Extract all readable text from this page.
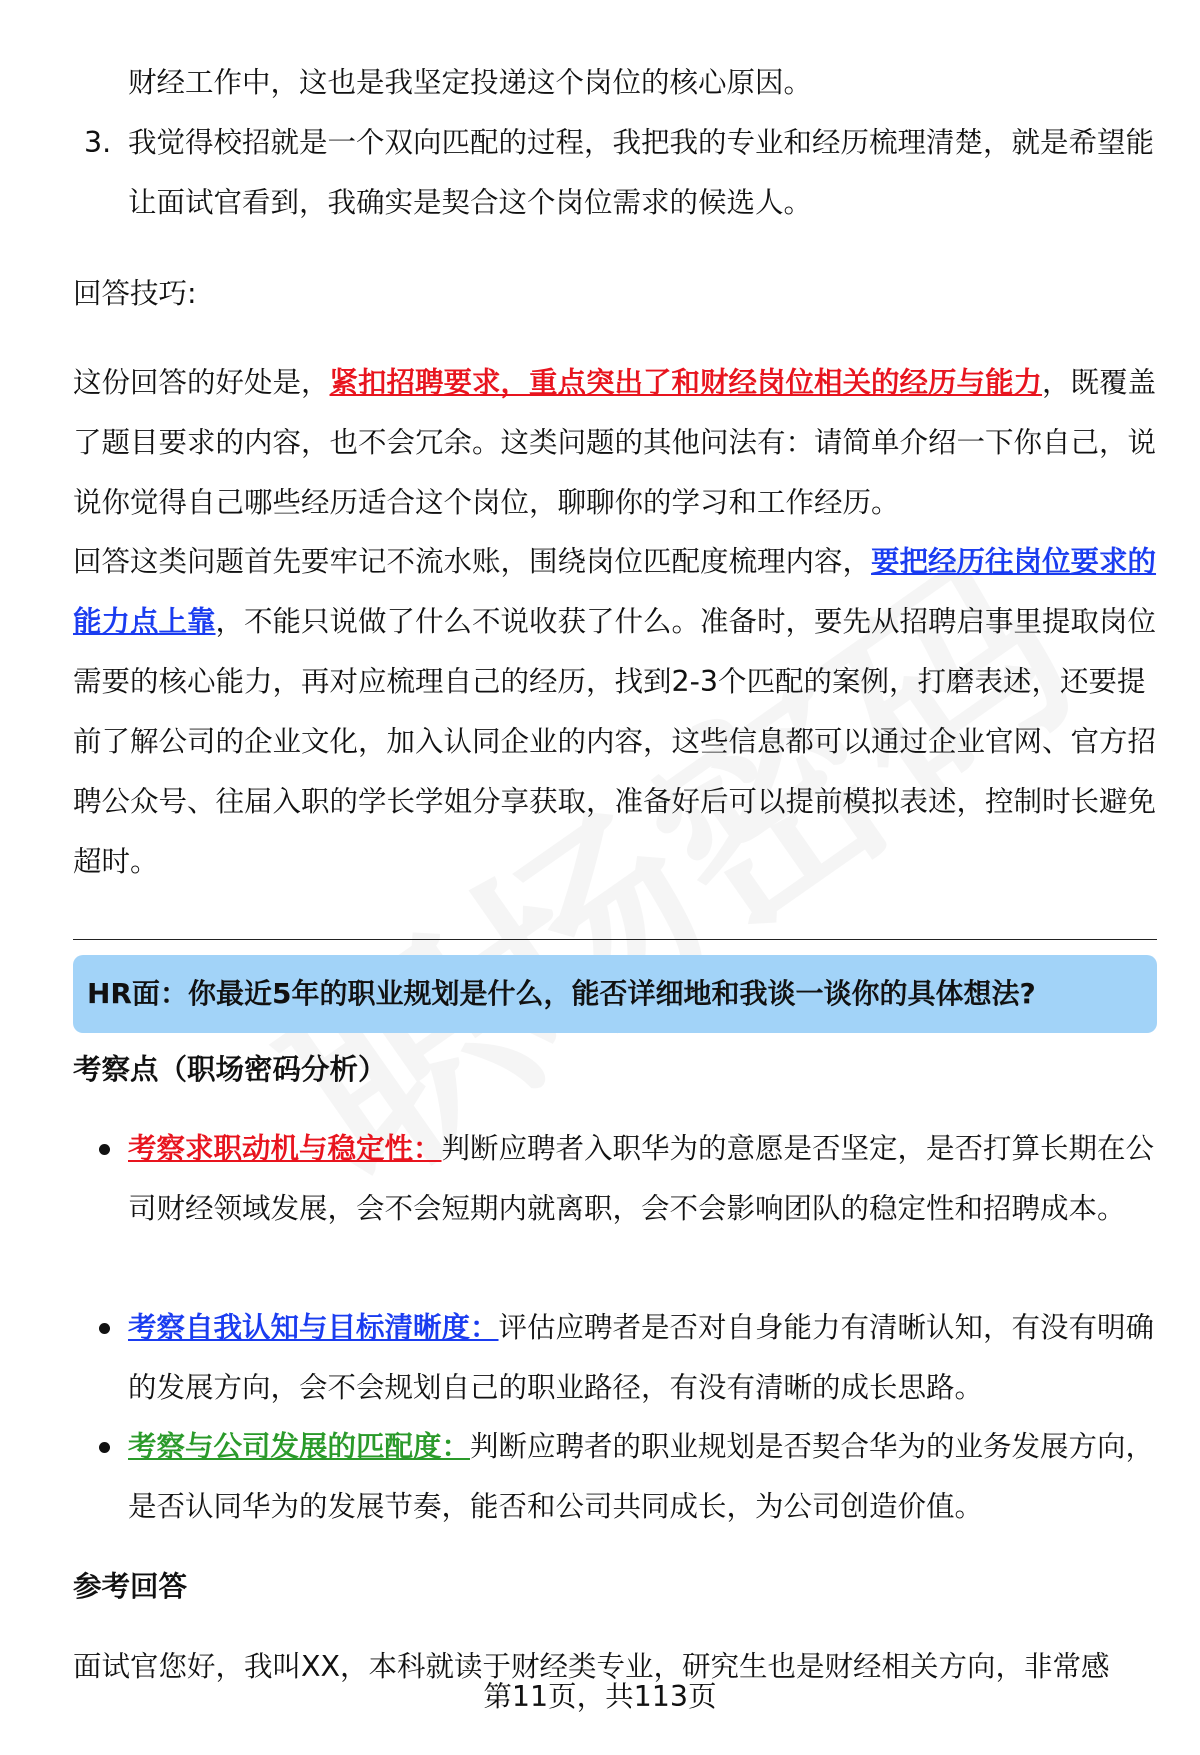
财经工作中，这也是我坚定投递这个岗位的核心原因。
3. 我觉得校招就是一个双向匹配的过程，我把我的专业和经历梳理清楚，就是希望能让面试官看到，我确实是契合这个岗位需求的候选人。
回答技巧:
这份回答的好处是，紧扣招聘要求，重点突出了和财经岗位相关的经历与能力，既覆盖了题目要求的内容，也不会冗余。这类问题的其他问法有：请简单介绍一下你自己，说说你觉得自己哪些经历适合这个岗位，聊聊你的学习和工作经历。
回答这类问题首先要牢记不流水账，围绕岗位匹配度梳理内容，要把经历往岗位要求的能力点上靠，不能只说做了什么不说收获了什么。准备时，要先从招聘启事里提取岗位需要的核心能力，再对应梳理自己的经历，找到2-3个匹配的案例，打磨表述，还要提前了解公司的企业文化，加入认同企业的内容，这些信息都可以通过企业官网、官方招聘公众号、往届入职的学长学姐分享获取，准备好后可以提前模拟表述，控制时长避免超时。
HR面：你最近5年的职业规划是什么，能否详细地和我谈一谈你的具体想法?
考察点（职场密码分析）
考察求职动机与稳定性：判断应聘者入职华为的意愿是否坚定，是否打算长期在公司财经领域发展，会不会短期内就离职，会不会影响团队的稳定性和招聘成本。
考察自我认知与目标清晰度：评估应聘者是否对自身能力有清晰认知，有没有明确的发展方向，会不会规划自己的职业路径，有没有清晰的成长思路。
考察与公司发展的匹配度：判断应聘者的职业规划是否契合华为的业务发展方向，是否认同华为的发展节奏，能否和公司共同成长，为公司创造价值。
参考回答
面试官您好，我叫XX，本科就读于财经类专业，研究生也是财经相关方向，非常感
第11页，共113页
